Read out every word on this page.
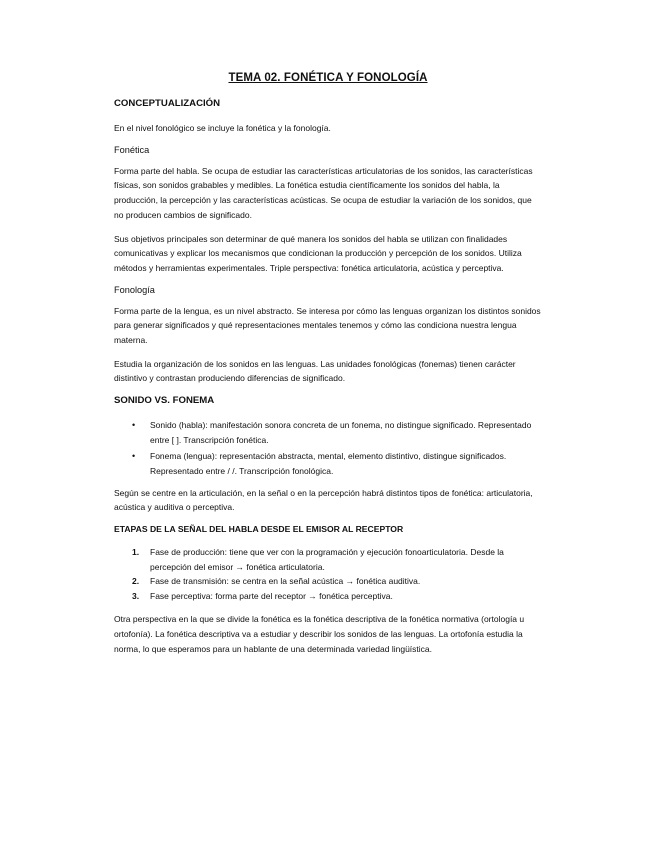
TEMA 02. FONÉTICA Y FONOLOGÍA
CONCEPTUALIZACIÓN
En el nivel fonológico se incluye la fonética y la fonología.
Fonética
Forma parte del habla. Se ocupa de estudiar las características articulatorias de los sonidos, las características físicas, son sonidos grabables y medibles. La fonética estudia científicamente los sonidos del habla, la producción, la percepción y las características acústicas. Se ocupa de estudiar la variación de los sonidos, que no producen cambios de significado.
Sus objetivos principales son determinar de qué manera los sonidos del habla se utilizan con finalidades comunicativas y explicar los mecanismos que condicionan la producción y percepción de los sonidos. Utiliza métodos y herramientas experimentales. Triple perspectiva: fonética articulatoria, acústica y perceptiva.
Fonología
Forma parte de la lengua, es un nivel abstracto. Se interesa por cómo las lenguas organizan los distintos sonidos para generar significados y qué representaciones mentales tenemos y cómo las condiciona nuestra lengua materna.
Estudia la organización de los sonidos en las lenguas. Las unidades fonológicas (fonemas) tienen carácter distintivo y contrastan produciendo diferencias de significado.
SONIDO VS. FONEMA
• Sonido (habla): manifestación sonora concreta de un fonema, no distingue significado. Representado entre [ ]. Transcripción fonética.
• Fonema (lengua): representación abstracta, mental, elemento distintivo, distingue significados. Representado entre / /. Transcripción fonológica.
Según se centre en la articulación, en la señal o en la percepción habrá distintos tipos de fonética: articulatoria, acústica y auditiva o perceptiva.
ETAPAS DE LA SEÑAL DEL HABLA DESDE EL EMISOR AL RECEPTOR
1. Fase de producción: tiene que ver con la programación y ejecución fonoarticulatoria. Desde la percepción del emisor → fonética articulatoria.
2. Fase de transmisión: se centra en la señal acústica → fonética auditiva.
3. Fase perceptiva: forma parte del receptor → fonética perceptiva.
Otra perspectiva en la que se divide la fonética es la fonética descriptiva de la fonética normativa (ortología u ortofonía). La fonética descriptiva va a estudiar y describir los sonidos de las lenguas. La ortofonía estudia la norma, lo que esperamos para un hablante de una determinada variedad lingüística.
